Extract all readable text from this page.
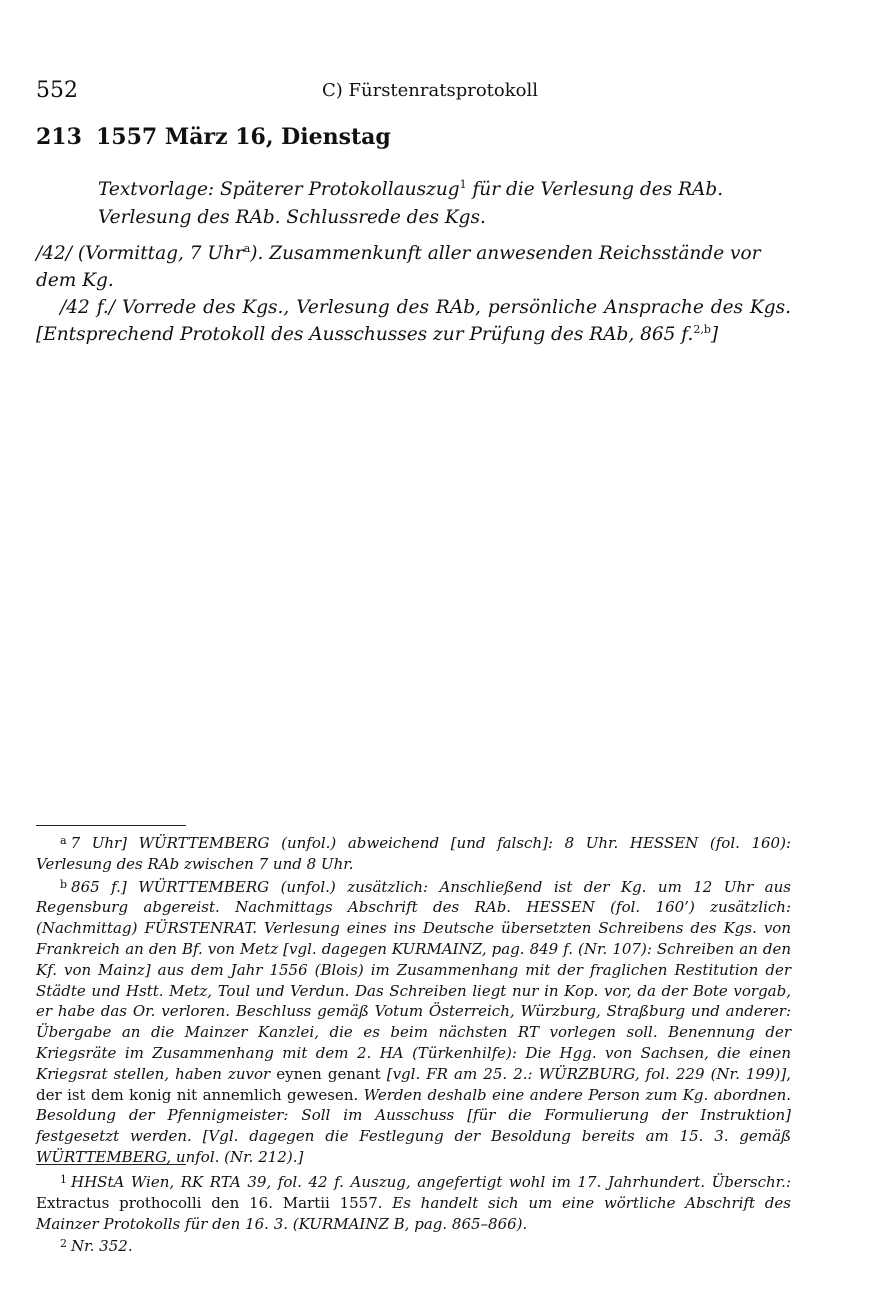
552	C) Fürstenratsprotokoll
213 1557 März 16, Dienstag
Textvorlage: Späterer Protokollauszug$^1$ für die Verlesung des RAb.
Verlesung des RAb. Schlussrede des Kgs.

/42/ (Vormittag, 7 Uhr$^a$). Zusammenkunft aller anwesenden Reichsstände vor dem Kg.

/42 f./ Vorrede des Kgs., Verlesung des RAb, persönliche Ansprache des Kgs. [Entsprechend Protokoll des Ausschusses zur Prüfung des RAb, 865 f.$^{2,b}$]

$^a$ 7 Uhr] WÜRTTEMBERG (unfol.) abweichend [und falsch]: 8 Uhr. HESSEN (fol. 160): Verlesung des RAb zwischen 7 und 8 Uhr.

$^b$ 865 f.] WÜRTTEMBERG (unfol.) zusätzlich: Anschließend ist der Kg. um 12 Uhr aus Regensburg abgereist. Nachmittags Abschrift des RAb. HESSEN (fol. 160’) zusätzlich: (Nachmittag) FÜRSTENRAT. Verlesung eines ins Deutsche übersetzten Schreibens des Kgs. von Frankreich an den Bf. von Metz [vgl. dagegen KURMAINZ, pag. 849 f. (Nr. 107): Schreiben an den Kf. von Mainz] aus dem Jahr 1556 (Blois) im Zusammenhang mit der fraglichen Restitution der Städte und Hstt. Metz, Toul und Verdun. Das Schreiben liegt nur in Kop. vor, da der Bote vorgab, er habe das Or. verloren. Beschluss gemäß Votum Österreich, Würzburg, Straßburg und anderer: Übergabe an die Mainzer Kanzlei, die es beim nächsten RT vorlegen soll. Benennung der Kriegsräte im Zusammenhang mit dem 2. HA (Türkenhilfe): Die Hgg. von Sachsen, die einen Kriegsrat stellen, haben zuvor eynen genant [vgl. FR am 25. 2.: WÜRZBURG, fol. 229 (Nr. 199)], der ist dem konig nit annemlich gewesen. Werden deshalb eine andere Person zum Kg. abordnen. Besoldung der Pfennigmeister: Soll im Ausschuss [für die Formulierung der Instruktion] festgesetzt werden. [Vgl. dagegen die Festlegung der Besoldung bereits am 15. 3. gemäß WÜRTTEMBERG, unfol. (Nr. 212).]

$^1$ HHStA Wien, RK RTA 39, fol. 42 f. Auszug, angefertigt wohl im 17. Jahrhundert. Überschr.: Extractus prothocolli den 16. Martii 1557. Es handelt sich um eine wörtliche Abschrift des Mainzer Protokolls für den 16. 3. (KURMAINZ B, pag. 865–866).

$^2$ Nr. 352.
